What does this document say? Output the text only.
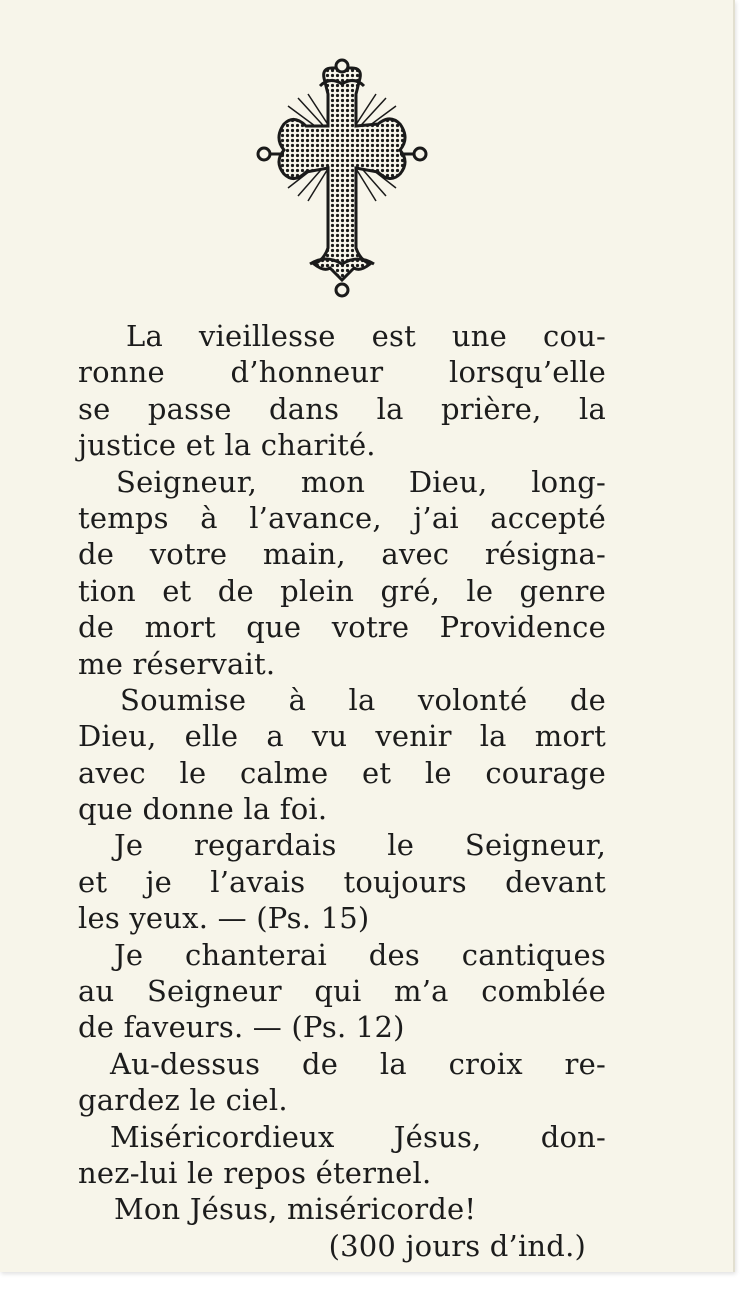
La vieillesse est une cou-
ronne d’honneur lorsqu’elle
se passe dans la prière, la
justice
et
la
charité.
Seigneur, mon Dieu, long-
temps à l’avance, j’ai accepté
de votre main, avec résigna-
tion et de plein gré, le genre
de mort que votre Providence
me
réservait.
Soumise à la volonté de
Dieu, elle a vu venir la mort
avec le calme et le courage
que
donne
la
foi.
Je regardais le Seigneur,
et je l’avais toujours devant
les
yeux.
—
(Ps.
15)
Je chanterai des cantiques
au Seigneur qui m’a comblée
de
faveurs.
—
(Ps.
12)
Au-dessus de la croix re-
gardez
le
ciel.
Miséricordieux Jésus, don-
nez-lui
le
repos
éternel.
Mon
Jésus,
miséricorde!
(300
jours
d’ind.)
